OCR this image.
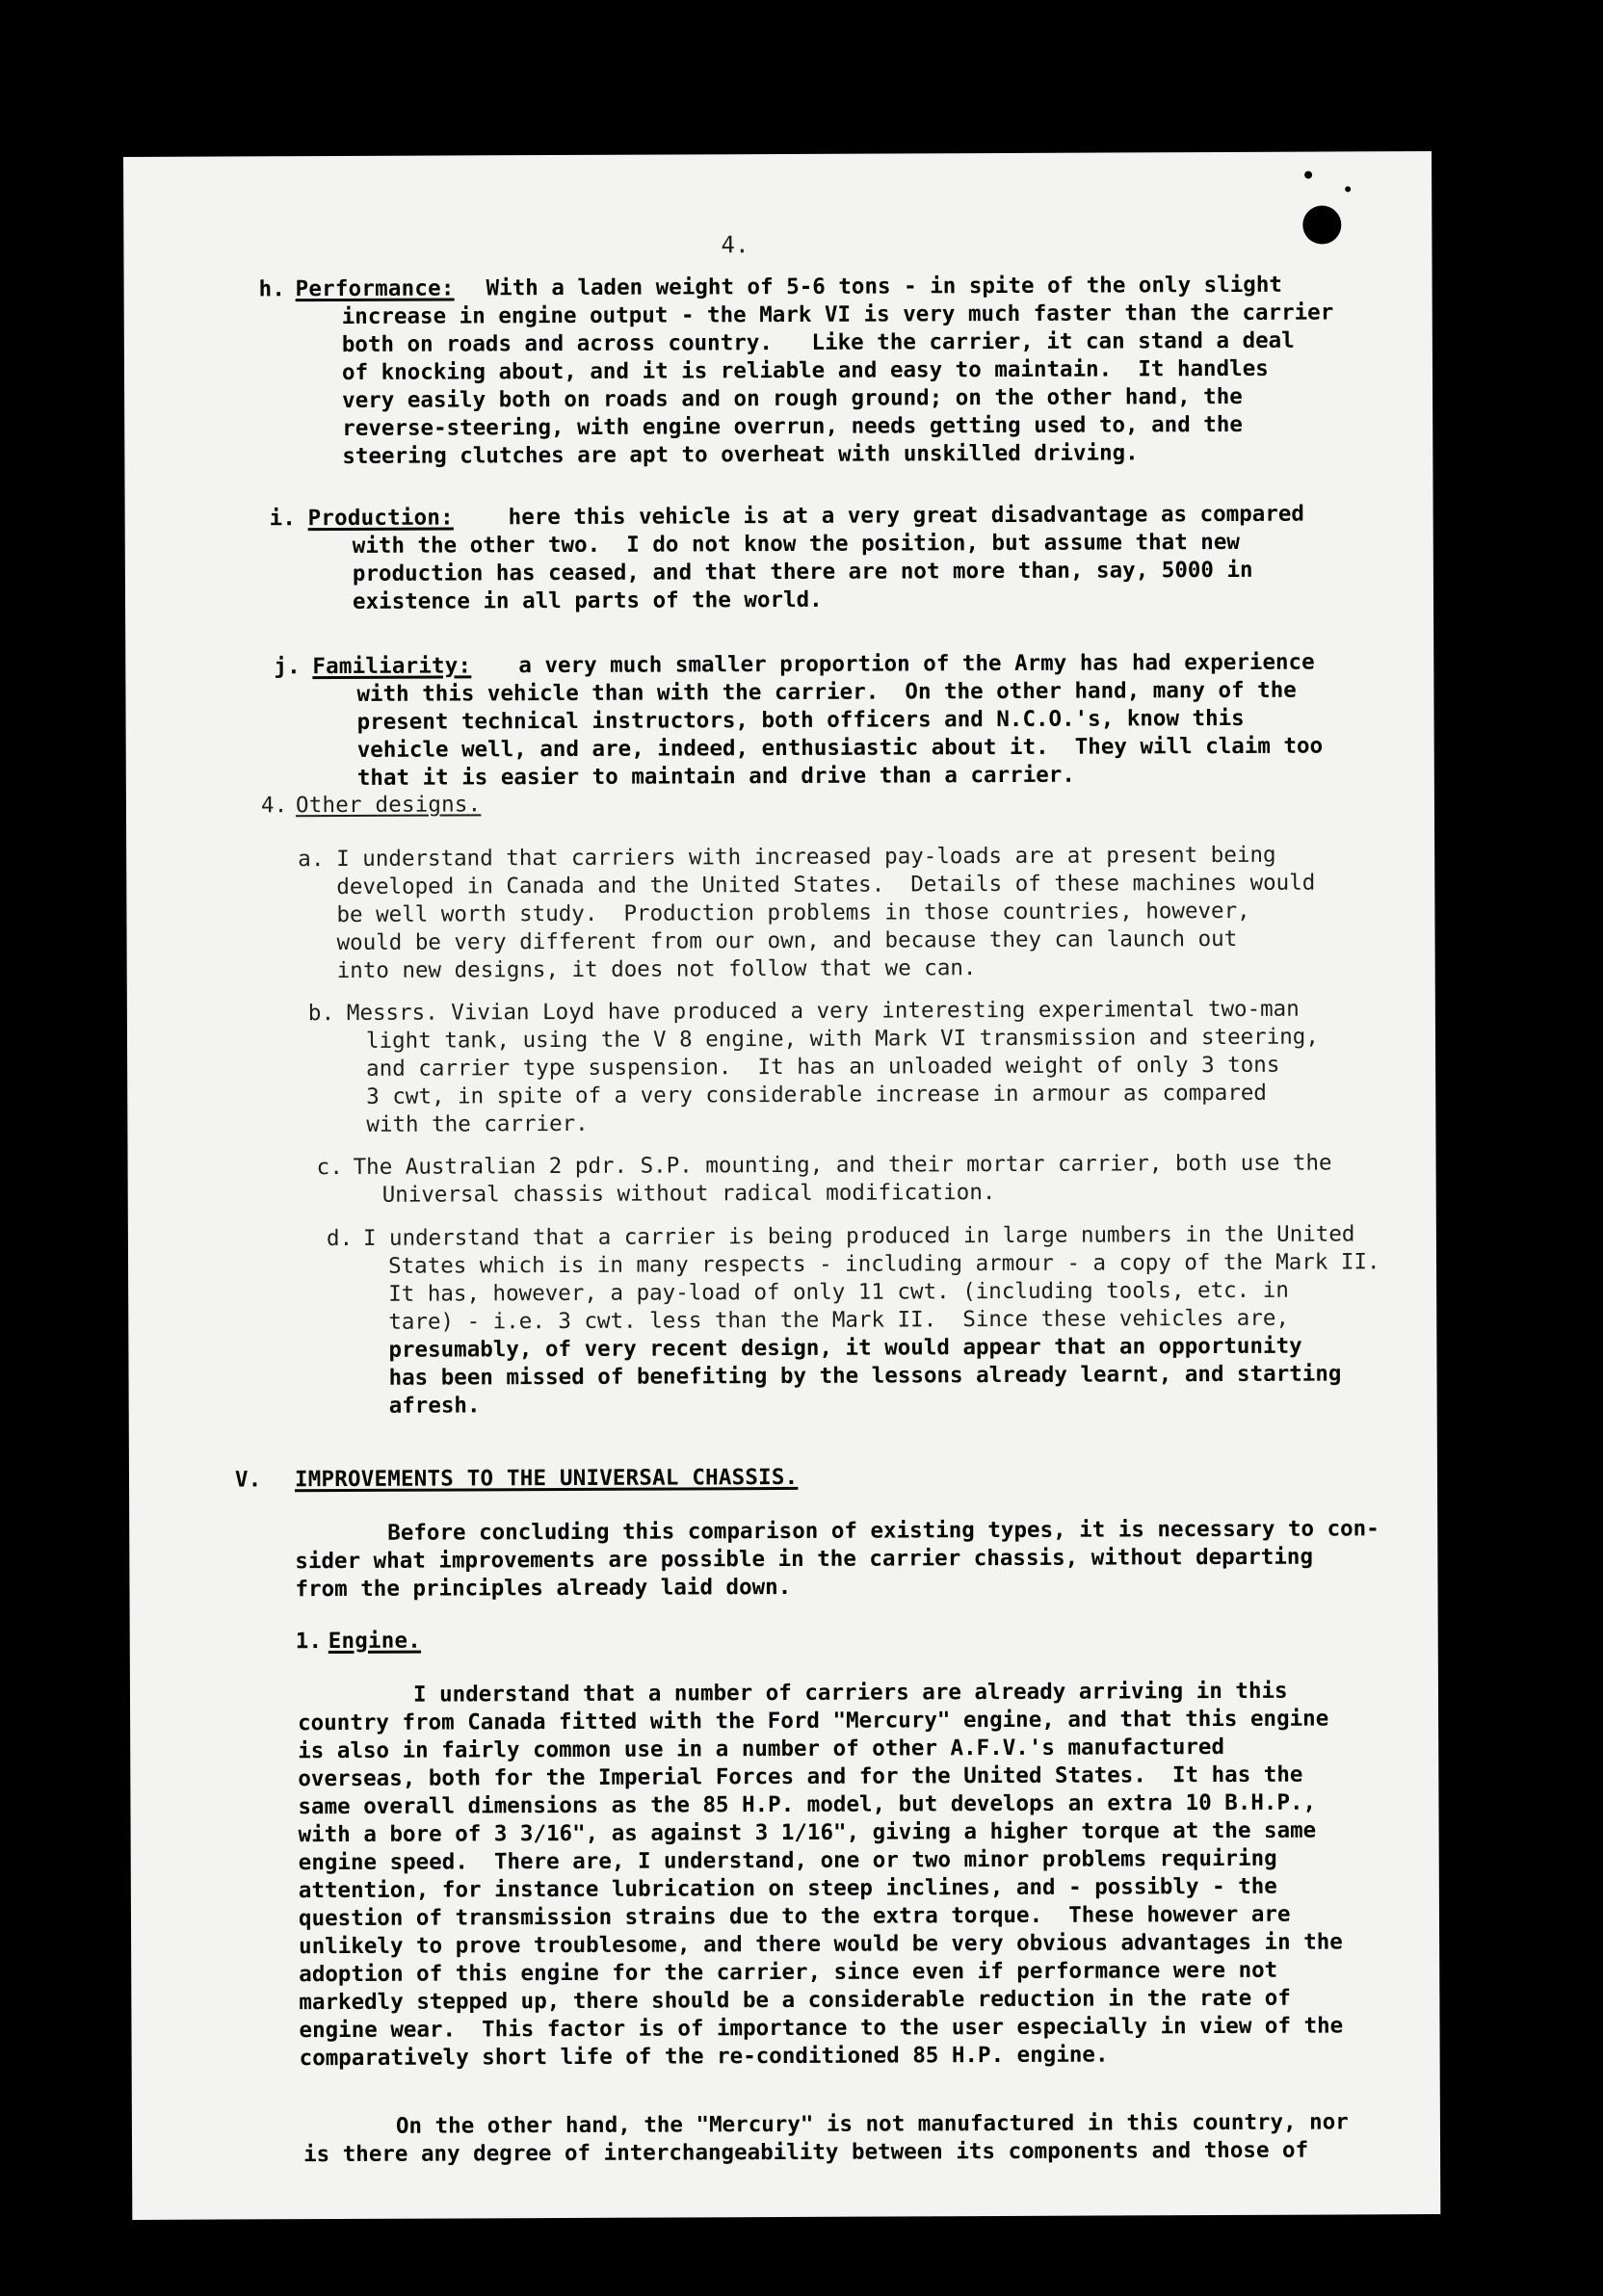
4.
h. Performance:	With a laden weight of 5-6 tons - in spite of the only slight
increase in engine output - the Mark VI is very much faster than the carrier
both on roads and across country.   Like the carrier, it can stand a deal
of knocking about, and it is reliable and easy to maintain.  It handles
very easily both on roads and on rough ground; on the other hand, the
reverse-steering, with engine overrun, needs getting used to, and the
steering clutches are apt to overheat with unskilled driving.
i. Production:	here this vehicle is at a very great disadvantage as compared
with the other two.  I do not know the position, but assume that new
production has ceased, and that there are not more than, say, 5000 in
existence in all parts of the world.
j. Familiarity:	a very much smaller proportion of the Army has had experience
with this vehicle than with the carrier.  On the other hand, many of the
present technical instructors, both officers and N.C.O.'s, know this
vehicle well, and are, indeed, enthusiastic about it.  They will claim too
that it is easier to maintain and drive than a carrier.
4. Other designs.
a. I understand that carriers with increased pay-loads are at present being
developed in Canada and the United States.  Details of these machines would
be well worth study.  Production problems in those countries, however,
would be very different from our own, and because they can launch out
into new designs, it does not follow that we can.
b. Messrs. Vivian Loyd have produced a very interesting experimental two-man
light tank, using the V 8 engine, with Mark VI transmission and steering,
and carrier type suspension.  It has an unloaded weight of only 3 tons
3 cwt, in spite of a very considerable increase in armour as compared
with the carrier.
c. The Australian 2 pdr. S.P. mounting, and their mortar carrier, both use the
Universal chassis without radical modification.
d. I understand that a carrier is being produced in large numbers in the United
States which is in many respects - including armour - a copy of the Mark II.
It has, however, a pay-load of only 11 cwt. (including tools, etc. in
tare) - i.e. 3 cwt. less than the Mark II.  Since these vehicles are,
presumably, of very recent design, it would appear that an opportunity
has been missed of benefiting by the lessons already learnt, and starting
afresh.
V. IMPROVEMENTS TO THE UNIVERSAL CHASSIS.
Before concluding this comparison of existing types, it is necessary to con-
sider what improvements are possible in the carrier chassis, without departing
from the principles already laid down.
1. Engine.
I understand that a number of carriers are already arriving in this
country from Canada fitted with the Ford "Mercury" engine, and that this engine
is also in fairly common use in a number of other A.F.V.'s manufactured
overseas, both for the Imperial Forces and for the United States.  It has the
same overall dimensions as the 85 H.P. model, but develops an extra 10 B.H.P.,
with a bore of 3 3/16", as against 3 1/16", giving a higher torque at the same
engine speed.  There are, I understand, one or two minor problems requiring
attention, for instance lubrication on steep inclines, and - possibly - the
question of transmission strains due to the extra torque.  These however are
unlikely to prove troublesome, and there would be very obvious advantages in the
adoption of this engine for the carrier, since even if performance were not
markedly stepped up, there should be a considerable reduction in the rate of
engine wear.  This factor is of importance to the user especially in view of the
comparatively short life of the re-conditioned 85 H.P. engine.
On the other hand, the "Mercury" is not manufactured in this country, nor
is there any degree of interchangeability between its components and those of
